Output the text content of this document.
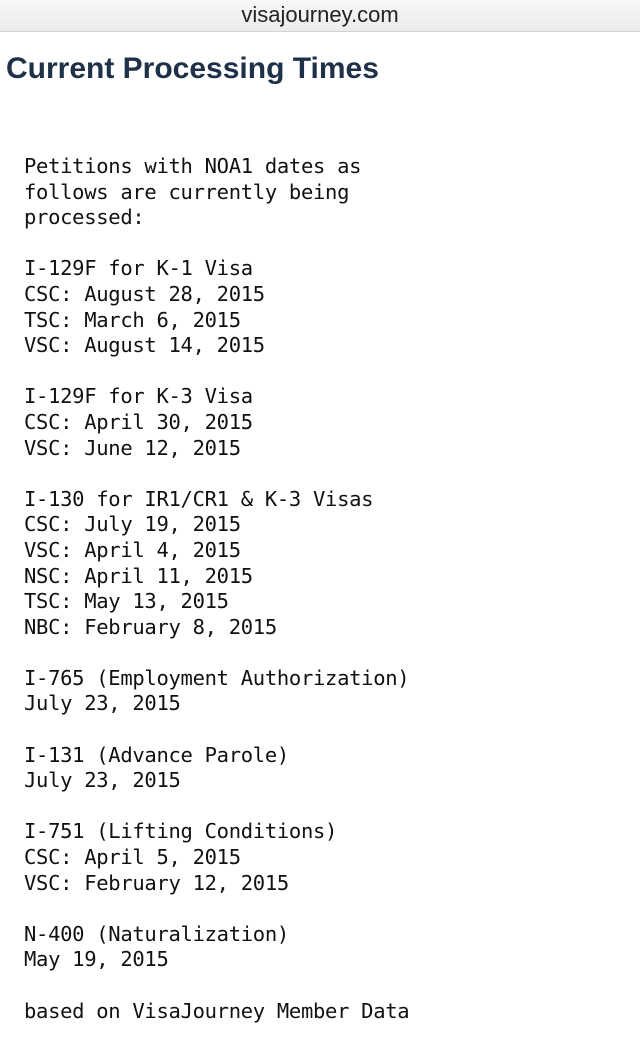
visajourney.com
Current Processing Times
Petitions with NOA1 dates as
follows are currently being
processed:
I-129F for K-1 Visa
CSC: August 28, 2015
TSC: March 6, 2015
VSC: August 14, 2015
I-129F for K-3 Visa
CSC: April 30, 2015
VSC: June 12, 2015
I-130 for IR1/CR1 & K-3 Visas
CSC: July 19, 2015
VSC: April 4, 2015
NSC: April 11, 2015
TSC: May 13, 2015
NBC: February 8, 2015
I-765 (Employment Authorization)
July 23, 2015
I-131 (Advance Parole)
July 23, 2015
I-751 (Lifting Conditions)
CSC: April 5, 2015
VSC: February 12, 2015
N-400 (Naturalization)
May 19, 2015
based on VisaJourney Member Data
